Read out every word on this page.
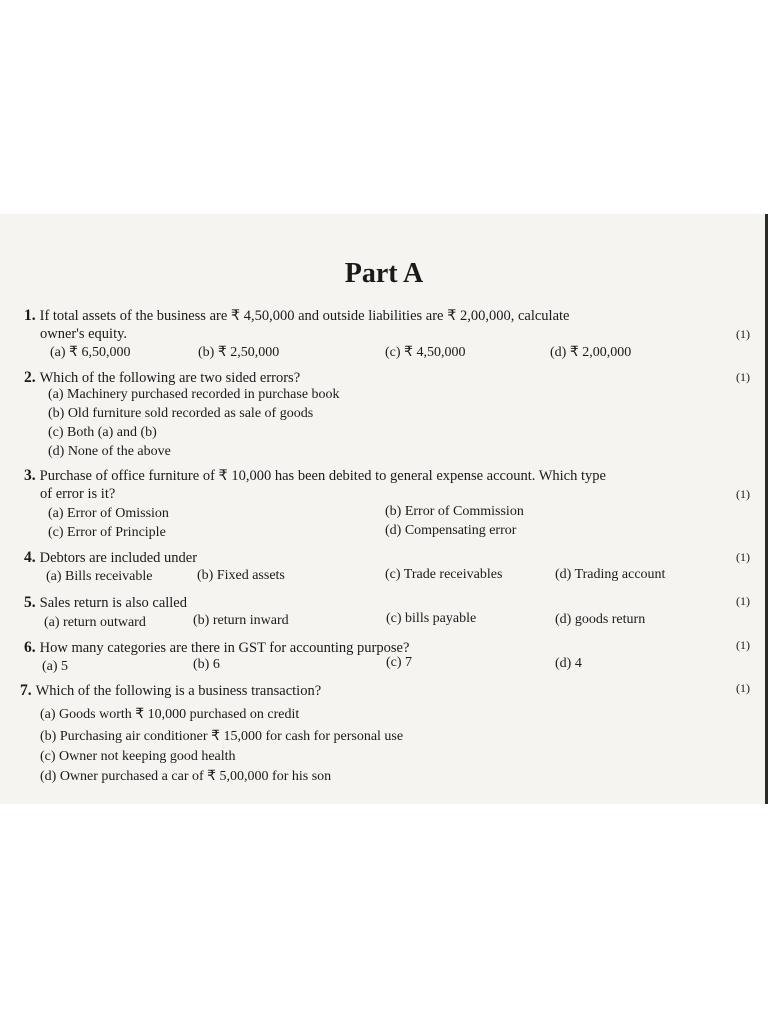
Part A
1. If total assets of the business are ₹ 4,50,000 and outside liabilities are ₹ 2,00,000, calculate
owner's equity.	(1)
(a) ₹ 6,50,000	(b) ₹ 2,50,000	(c) ₹ 4,50,000	(d) ₹ 2,00,000
2. Which of the following are two sided errors?	(1)
(a) Machinery purchased recorded in purchase book
(b) Old furniture sold recorded as sale of goods
(c) Both (a) and (b)
(d) None of the above
3. Purchase of office furniture of ₹ 10,000 has been debited to general expense account. Which type
of error is it?	(1)
(a) Error of Omission	(b) Error of Commission
(c) Error of Principle	(d) Compensating error
4. Debtors are included under	(1)
(a) Bills receivable	(b) Fixed assets	(c) Trade receivables	(d) Trading account
5. Sales return is also called	(1)
(a) return outward	(b) return inward	(c) bills payable	(d) goods return
6. How many categories are there in GST for accounting purpose?	(1)
(a) 5	(b) 6	(c) 7	(d) 4
7. Which of the following is a business transaction?	(1)
(a) Goods worth ₹ 10,000 purchased on credit
(b) Purchasing air conditioner ₹ 15,000 for cash for personal use
(c) Owner not keeping good health
(d) Owner purchased a car of ₹ 5,00,000 for his son
